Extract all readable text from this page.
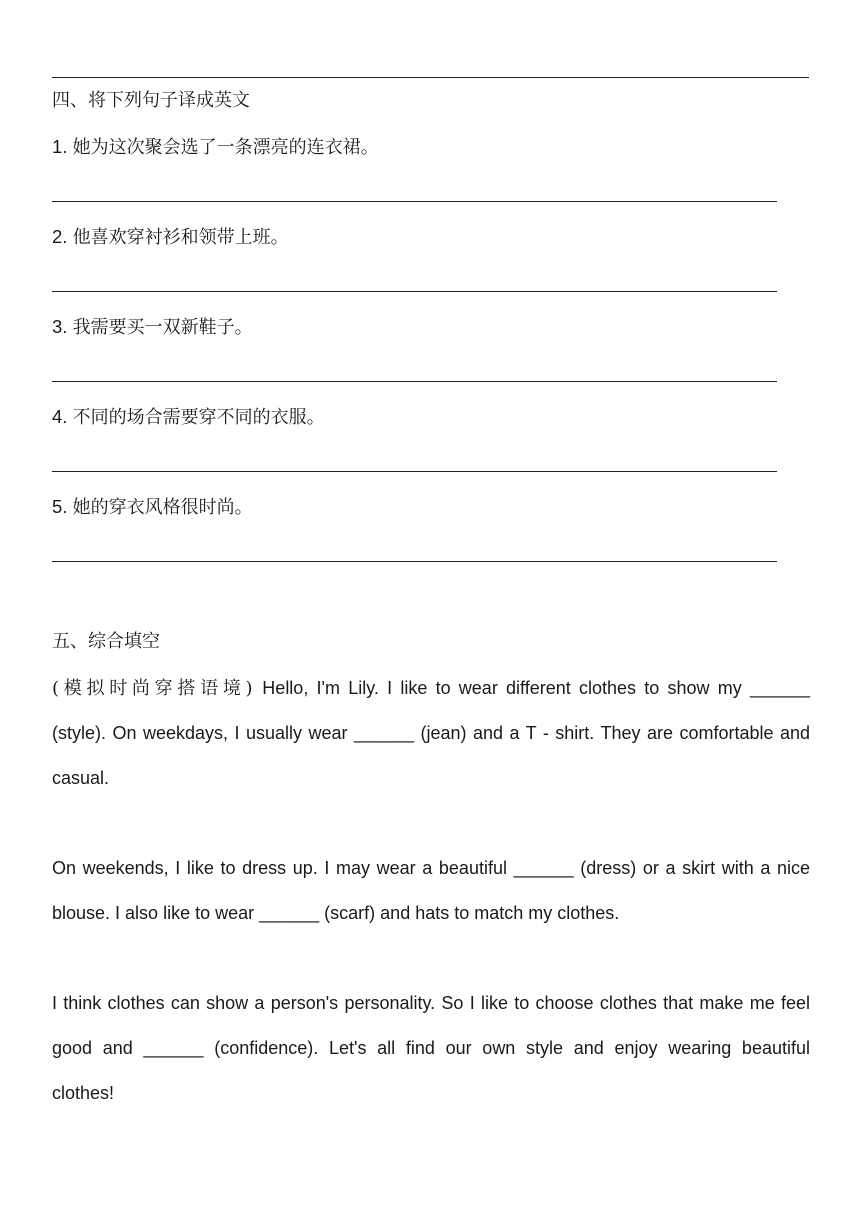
四、将下列句子译成英文
1. 她为这次聚会选了一条漂亮的连衣裙。
2. 他喜欢穿衬衫和领带上班。
3. 我需要买一双新鞋子。
4. 不同的场合需要穿不同的衣服。
5. 她的穿衣风格很时尚。
五、综合填空
(模拟时尚穿搭语境) Hello, I'm Lily. I like to wear different clothes to show my ______
(style). On weekdays, I usually wear ______ (jean) and a T - shirt. They are comfortable and
casual.
On weekends, I like to dress up. I may wear a beautiful ______ (dress) or a skirt with a nice
blouse. I also like to wear ______ (scarf) and hats to match my clothes.
I think clothes can show a person's personality. So I like to choose clothes that make me feel
good and ______ (confidence). Let's all find our own style and enjoy wearing beautiful
clothes!
